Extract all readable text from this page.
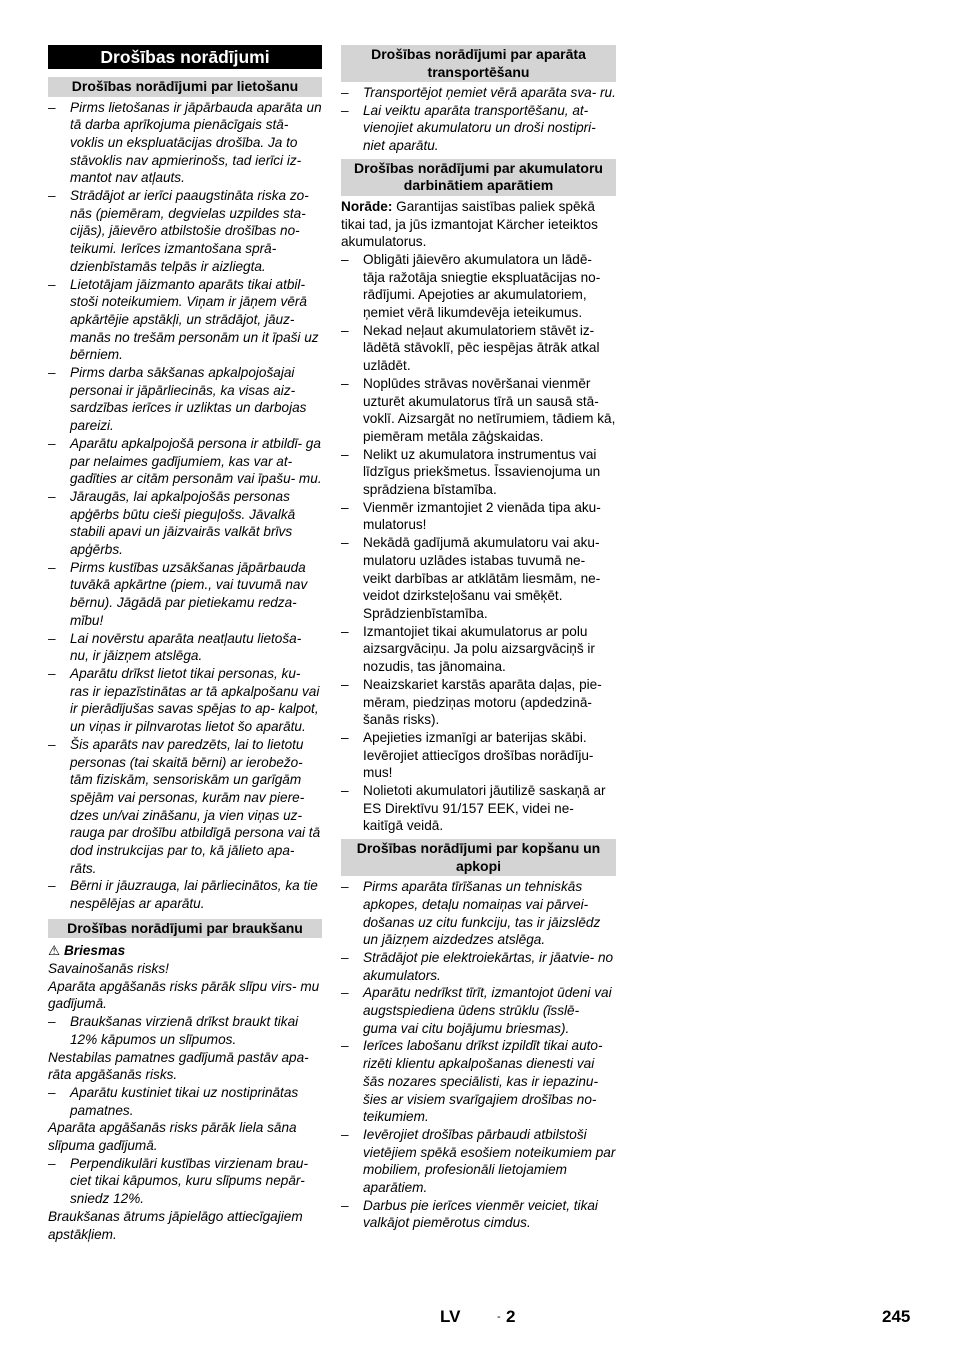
Drošības norādījumi
Drošības norādījumi par lietošanu
– Pirms lietošanas ir jāpārbauda aparāta un tā darba aprīkojuma pienācīgais stā- voklis un ekspluatācijas drošība. Ja to stāvoklis nav apmierinošs, tad ierīci iz- mantot nav atļauts.
– Strādājot ar ierīci paaugstināta riska zo- nās (piemēram, degvielas uzpildes sta- cijās), jāievēro atbilstošie drošības no- teikumi. Ierīces izmantošana sprā- dzienbīstamās telpās ir aizliegta.
– Lietotājam jāizmanto aparāts tikai atbil- stoši noteikumiem. Viņam ir jāņem vērā apkārtējie apstākļi, un strādājot, jāuz- manās no trešām personām un it īpaši uz bērniem.
– Pirms darba sākšanas apkalpojošajai personai ir jāpārliecinās, ka visas aiz- sardzības ierīces ir uzliktas un darbojas pareizi.
– Aparātu apkalpojošā persona ir atbildī- ga par nelaimes gadījumiem, kas var at- gadīties ar citām personām vai īpašu- mu.
– Jāraugās, lai apkalpojošās personas apģērbs būtu cieši pieguļošs. Jāvalkā stabili apavi un jāizvairās valkāt brīvs apģērbs.
– Pirms kustības uzsākšanas jāpārbauda tuvākā apkārtne (piem., vai tuvumā nav bērnu). Jāgādā par pietiekamu redza- mību!
– Lai novērstu aparāta neatļautu lietoša- nu, ir jāizņem atslēga.
– Aparātu drīkst lietot tikai personas, ku- ras ir iepazīstinātas ar tā apkalpošanu vai ir pierādījušas savas spējas to ap- kalpot, un viņas ir pilnvarotas lietot šo aparātu.
– Šis aparāts nav paredzēts, lai to lietotu personas (tai skaitā bērni) ar ierobežo- tām fiziskām, sensoriskām un garīgām spējām vai personas, kurām nav piere- dzes un/vai zināšanu, ja vien viņas uz- rauga par drošību atbildīgā persona vai tā dod instrukcijas par to, kā jālieto apa- rāts.
– Bērni ir jāuzrauga, lai pārliecinātos, ka tie nespēlējas ar aparātu.
Drošības norādījumi par braukšanu
⚠ Briesmas
Savainošanās risks!
Aparāta apgāšanās risks pārāk slīpu virs- mu gadījumā.
– Braukšanas virzienā drīkst braukt tikai 12% kāpumos un slīpumos.
Nestabilas pamatnes gadījumā pastāv apa- rāta apgāšanās risks.
– Aparātu kustiniet tikai uz nostiprinātas pamatnes.
Aparāta apgāšanās risks pārāk liela sāna slīpuma gadījumā.
– Perpendikulāri kustības virzienam brau- ciet tikai kāpumos, kuru slīpums nepār- sniedz 12%.
Braukšanas ātrums jāpielāgo attiecīgajiem apstākļiem.
Drošības norādījumi par aparāta transportēšanu
– Transportējot ņemiet vērā aparāta sva- ru.
– Lai veiktu aparāta transportēšanu, at- vienojiet akumulatoru un droši nostipri- niet aparātu.
Drošības norādījumi par akumulatoru darbinātiem aparātiem
Norāde: Garantijas saistības paliek spēkā tikai tad, ja jūs izmantojat Kärcher ieteiktos akumulatorus.
– Obligāti jāievēro akumulatora un lādē- tāja ražotāja sniegtie ekspluatācijas no- rādījumi. Apejoties ar akumulatoriem, ņemiet vērā likumdevēja ieteikumus.
– Nekad neļaut akumulatoriem stāvēt iz- lādētā stāvoklī, pēc iespējas ātrāk atkal uzlādēt.
– Noplūdes strāvas novēršanai vienmēr uzturēt akumulatorus tīrā un sausā stā- voklī. Aizsargāt no netīrumiem, tādiem kā, piemēram metāla zāģskaidas.
– Nelikt uz akumulatora instrumentus vai līdzīgus priekšmetus. Īssavienojuma un sprādziena bīstamība.
– Vienmēr izmantojiet 2 vienāda tipa aku- mulatorus!
– Nekādā gadījumā akumulatoru vai aku- mulatoru uzlādes istabas tuvumā ne- veikt darbības ar atklātām liesmām, ne- veidot dzirksteļošanu vai smēķēt. Sprādzienbīstamība.
– Izmantojiet tikai akumulatorus ar polu aizsargvāciņu. Ja polu aizsargvāciņš ir nozudis, tas jānomaina.
– Neaizskariet karstās aparāta daļas, pie- mēram, piedziņas motoru (apdedzinā- šanās risks).
– Apejieties izmanīgi ar baterijas skābi. Ievērojiet attiecīgos drošības norādīju- mus!
– Nolietoti akumulatori jāutilizē saskaņā ar ES Direktīvu 91/157 EEK, videi ne- kaitīgā veidā.
Drošības norādījumi par kopšanu un apkopi
– Pirms aparāta tīrīšanas un tehniskās apkopes, detaļu nomaiņas vai pārvei- došanas uz citu funkciju, tas ir jāizslēdz un jāizņem aizdedzes atslēga.
– Strādājot pie elektroiekārtas, ir jāatvie- no akumulators.
– Aparātu nedrīkst tīrīt, izmantojot ūdeni vai augstspiediena ūdens strūklu (īsslē- guma vai citu bojājumu briesmas).
– Ierīces labošanu drīkst izpildīt tikai auto- rizēti klientu apkalpošanas dienesti vai šās nozares speciālisti, kas ir iepazinu- šies ar visiem svarīgajiem drošības no- teikumiem.
– Ievērojiet drošības pārbaudi atbilstoši vietējiem spēkā esošiem noteikumiem par mobiliem, profesionāli lietojamiem aparātiem.
– Darbus pie ierīces vienmēr veiciet, tikai valkājot piemērotus cimdus.
LV	- 2	245
